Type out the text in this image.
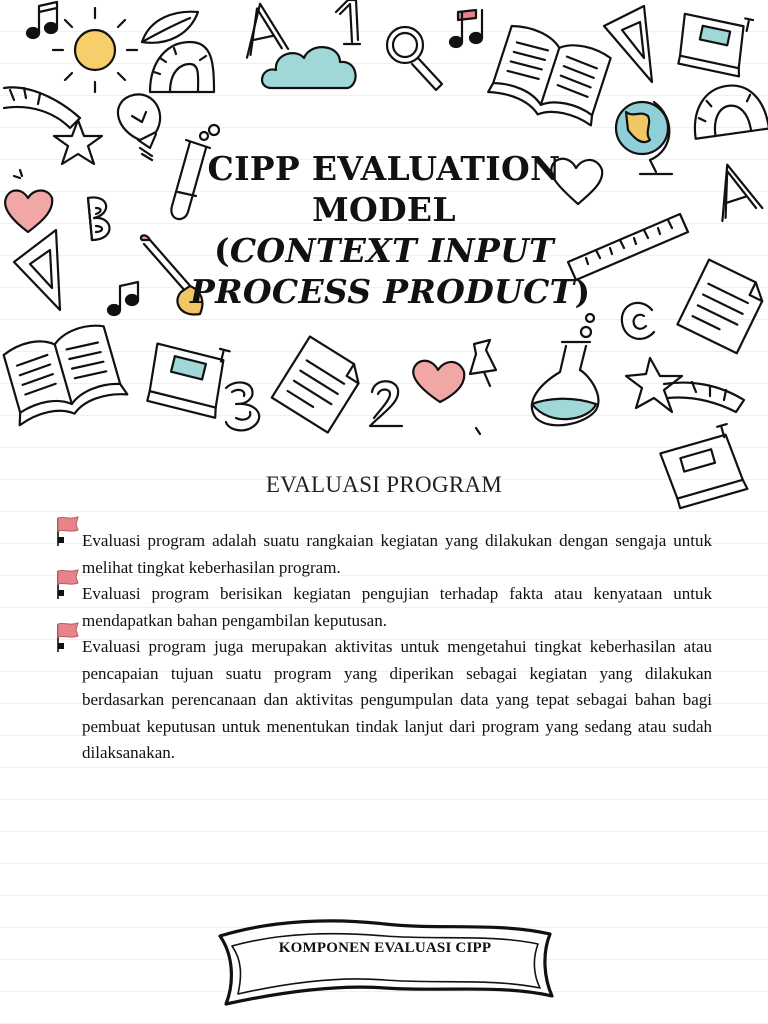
CIPP EVALUATION
MODEL
(CONTEXT INPUT
PROCESS PRODUCT)
EVALUASI PROGRAM
Evaluasi program adalah suatu rangkaian kegiatan yang dilakukan dengan sengaja untuk melihat tingkat keberhasilan program.
Evaluasi program berisikan kegiatan pengujian terhadap fakta atau kenyataan untuk mendapatkan bahan pengambilan keputusan.
Evaluasi program juga merupakan aktivitas untuk mengetahui tingkat keberhasilan atau pencapaian tujuan suatu program yang diperikan sebagai kegiatan yang dilakukan berdasarkan perencanaan dan aktivitas pengumpulan data yang tepat sebagai bahan bagi pembuat keputusan untuk menentukan tindak lanjut dari program yang sedang atau sudah dilaksanakan.
KOMPONEN EVALUASI CIPP
